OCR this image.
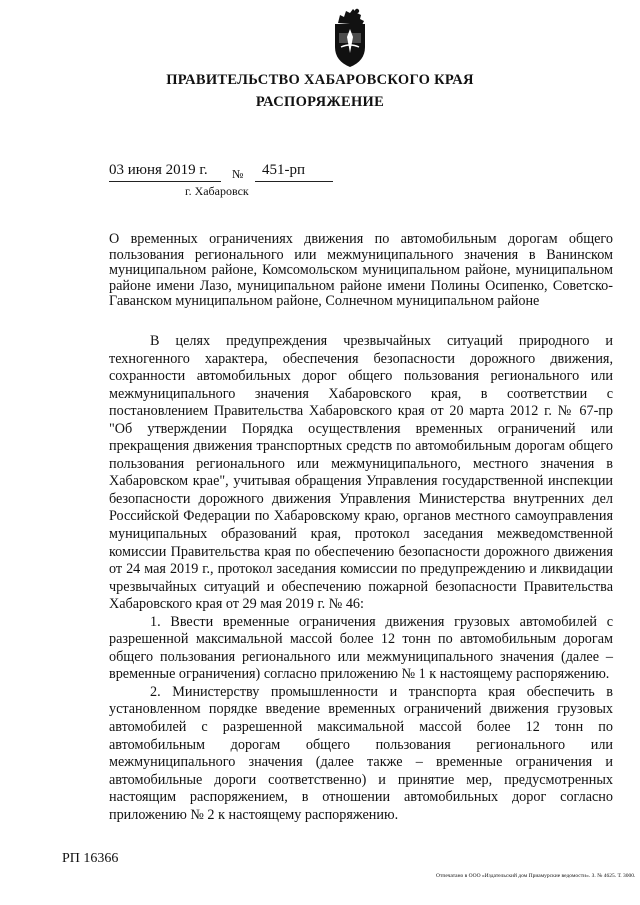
ПРАВИТЕЛЬСТВО ХАБАРОВСКОГО КРАЯ
РАСПОРЯЖЕНИЕ
03 июня 2019 г. № 451-рп
г. Хабаровск
О временных ограничениях движения по автомобильным дорогам общего пользования регионального или межмуниципального значения в Ванинском муниципальном районе, Комсомольском муниципальном районе, муниципальном районе имени Лазо, муниципальном районе имени Полины Осипенко, Советско-Гаванском муниципальном районе, Солнечном муниципальном районе

В целях предупреждения чрезвычайных ситуаций природного и техногенного характера, обеспечения безопасности дорожного движения, сохранности автомобильных дорог общего пользования регионального или межмуниципального значения Хабаровского края, в соответствии с постановлением Правительства Хабаровского края от 20 марта 2012 г. № 67-пр "Об утверждении Порядка осуществления временных ограничений или прекращения движения транспортных средств по автомобильным дорогам общего пользования регионального или межмуниципального, местного значения в Хабаровском крае", учитывая обращения Управления государственной инспекции безопасности дорожного движения Управления Министерства внутренних дел Российской Федерации по Хабаровскому краю, органов местного самоуправления муниципальных образований края, протокол заседания межведомственной комиссии Правительства края по обеспечению безопасности дорожного движения от 24 мая 2019 г., протокол заседания комиссии по предупреждению и ликвидации чрезвычайных ситуаций и обеспечению пожарной безопасности Правительства Хабаровского края от 29 мая 2019 г. № 46:

1. Ввести временные ограничения движения грузовых автомобилей с разрешенной максимальной массой более 12 тонн по автомобильным дорогам общего пользования регионального или межмуниципального значения (далее – временные ограничения) согласно приложению № 1 к настоящему распоряжению.

2. Министерству промышленности и транспорта края обеспечить в установленном порядке введение временных ограничений движения грузовых автомобилей с разрешенной максимальной массой более 12 тонн по автомобильным дорогам общего пользования регионального или межмуниципального значения (далее также – временные ограничения и автомобильные дороги соответственно) и принятие мер, предусмотренных настоящим распоряжением, в отношении автомобильных дорог согласно приложению № 2 к настоящему распоряжению.

РП 16366
Отпечатано в ООО «Издательский дом Приамурские ведомости». З. № 4625. Т. 3000.
